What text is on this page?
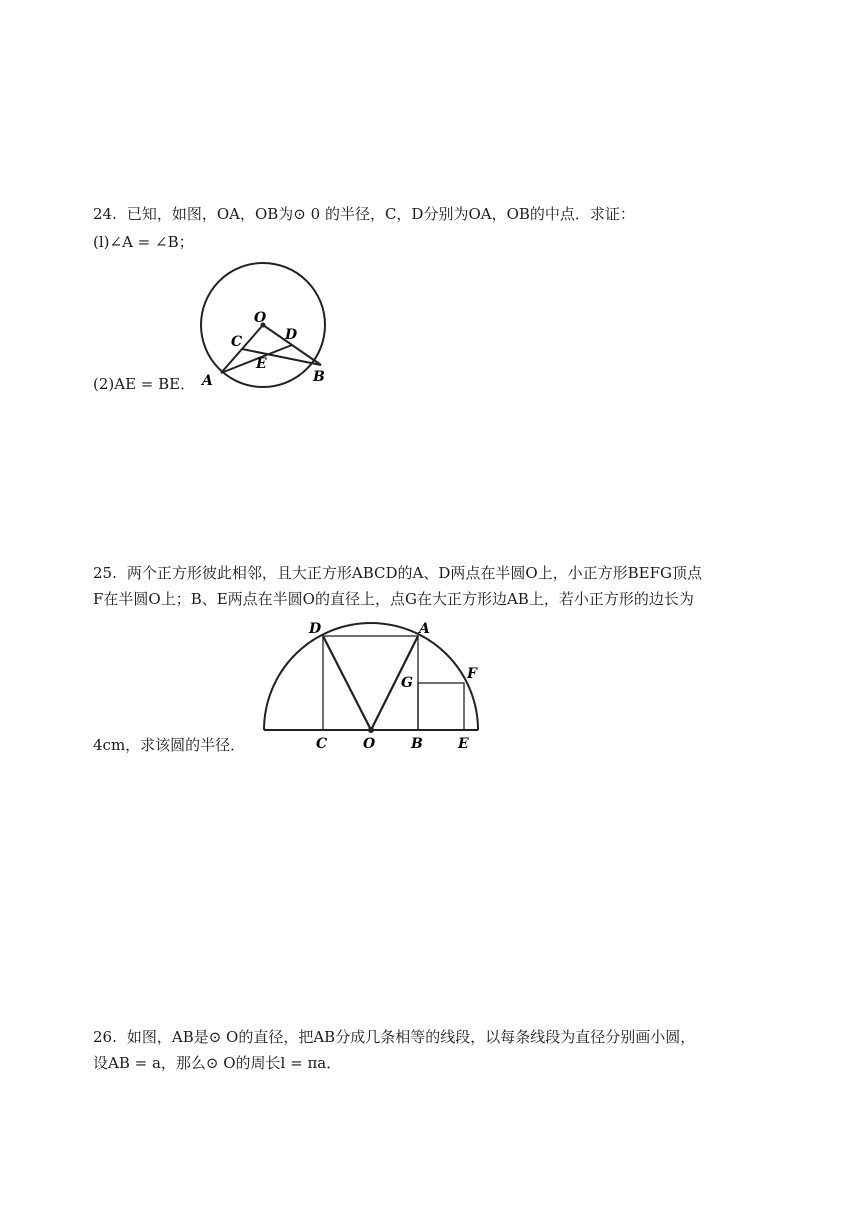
24. 已知，如图，OA，OB为⊙ 0 的半径，C，D分别为OA，OB的中点．求证：
(l)∠A = ∠B；
O
C	D
E
A	B
(2)AE = BE．
25. 两个正方形彼此相邻，且大正方形ABCD的A、D两点在半圆O上，小正方形BEFG顶点
F在半圆O上；B、E两点在半圆O的直径上，点G在大正方形边AB上，若小正方形的边长为
D	A
G
F
C	O	B	E
4cm，求该圆的半径．
26. 如图，AB是⊙ O的直径，把AB分成几条相等的线段，以每条线段为直径分别画小圆，
设AB = a，那么⊙ O的周长l = πa．
